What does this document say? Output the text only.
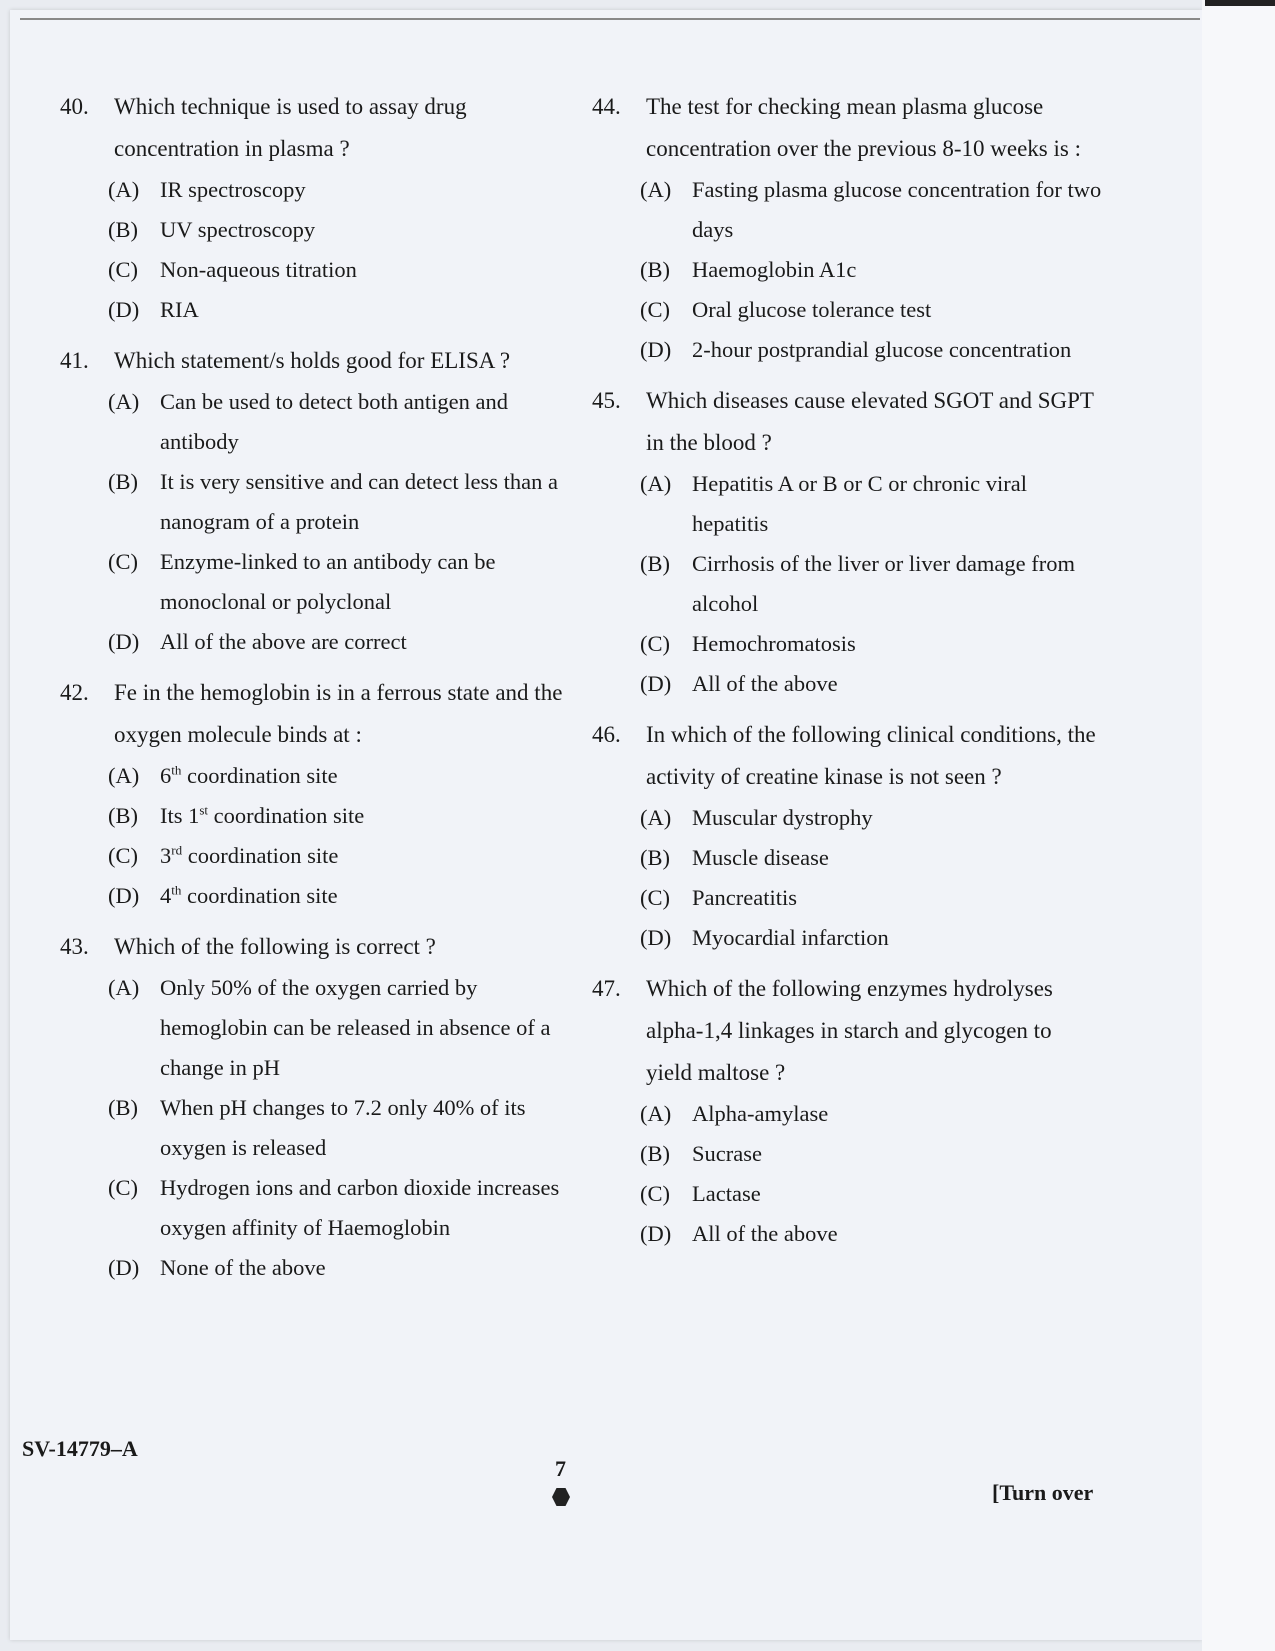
40.	Which technique is used to assay drug concentration in plasma ?
(A) IR spectroscopy
(B) UV spectroscopy
(C) Non-aqueous titration
(D) RIA
41.	Which statement/s holds good for ELISA ?
(A) Can be used to detect both antigen and antibody
(B) It is very sensitive and can detect less than a nanogram of a protein
(C) Enzyme-linked to an antibody can be monoclonal or polyclonal
(D) All of the above are correct
42.	Fe in the hemoglobin is in a ferrous state and the oxygen molecule binds at :
(A) 6th coordination site
(B) Its 1st coordination site
(C) 3rd coordination site
(D) 4th coordination site
43.	Which of the following is correct ?
(A) Only 50% of the oxygen carried by hemoglobin can be released in absence of a change in pH
(B) When pH changes to 7.2 only 40% of its oxygen is released
(C) Hydrogen ions and carbon dioxide increases oxygen affinity of Haemoglobin
(D) None of the above
44.	The test for checking mean plasma glucose concentration over the previous 8-10 weeks is :
(A) Fasting plasma glucose concentration for two days
(B) Haemoglobin A1c
(C) Oral glucose tolerance test
(D) 2-hour postprandial glucose concentration
45.	Which diseases cause elevated SGOT and SGPT in the blood ?
(A) Hepatitis A or B or C or chronic viral hepatitis
(B) Cirrhosis of the liver or liver damage from alcohol
(C) Hemochromatosis
(D) All of the above
46.	In which of the following clinical conditions, the activity of creatine kinase is not seen ?
(A) Muscular dystrophy
(B) Muscle disease
(C) Pancreatitis
(D) Myocardial infarction
47.	Which of the following enzymes hydrolyses alpha-1,4 linkages in starch and glycogen to yield maltose ?
(A) Alpha-amylase
(B) Sucrase
(C) Lactase
(D) All of the above
SV-14779–A
7
[Turn over
